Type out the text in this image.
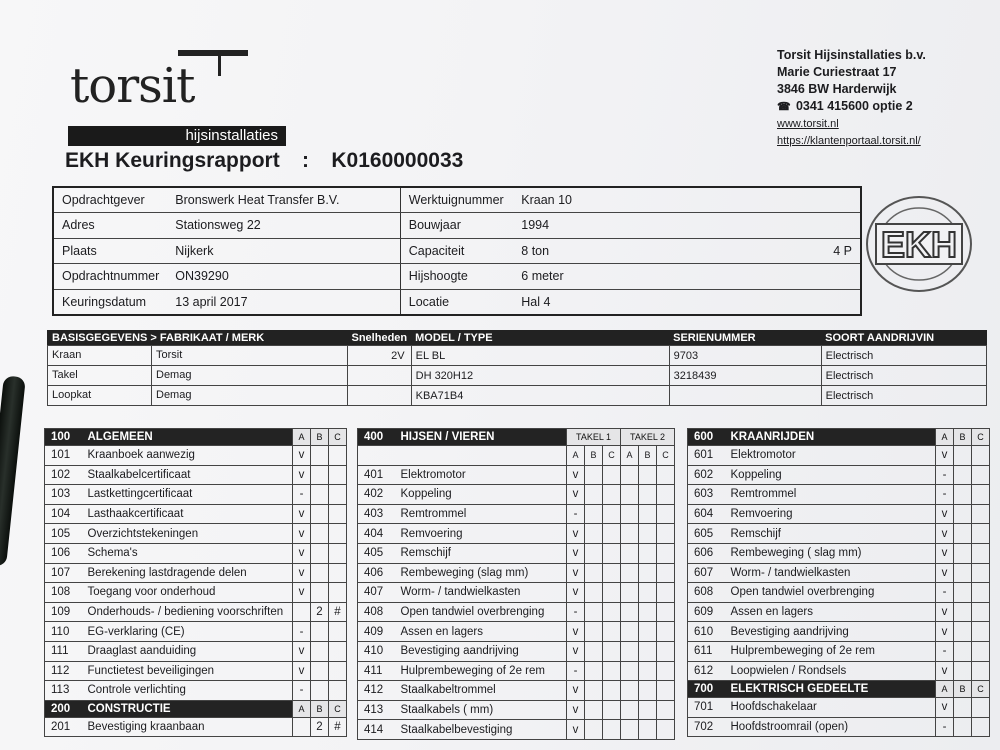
torsit
hijsinstallaties
EKH Keuringsrapport : K0160000033
Torsit Hijsinstallaties b.v.
Marie Curiestraat 17
3846 BW Harderwijk
☎ 0341 415600 optie 2
www.torsit.nl
https://klantenportaal.torsit.nl/
Opdrachtgever	Bronswerk Heat Transfer B.V.	Werktuignummer	Kraan 10	
Adres	Stationsweg 22	Bouwjaar	1994	
Plaats	Nijkerk	Capaciteit	8 ton	4 P
Opdrachtnummer	ON39290	Hijshoogte	6 meter	
Keuringsdatum	13 april 2017	Locatie	Hal 4	
EKH
BASISGEGEVENS > FABRIKAAT / MERK	Snelheden	MODEL / TYPE	SERIENUMMER	SOORT AANDRIJVIN
Kraan Torsit	2V	EL BL	9703	Electrisch
Takel Demag		DH 320H12	3218439	Electrisch
Loopkat Demag		KBA71B4		Electrisch
100	ALGEMEEN	A	B	C
101	Kraanboek aanwezig	v		
102	Staalkabelcertificaat	v		
103	Lastkettingcertificaat	-		
104	Lasthaakcertificaat	v		
105	Overzichtstekeningen	v		
106	Schema's	v		
107	Berekening lastdragende delen	v		
108	Toegang voor onderhoud	v		
109	Onderhouds- / bediening voorschriften		2	#
110	EG-verklaring (CE)	-		
111	Draaglast aanduiding	v		
112	Functietest beveiligingen	v		
113	Controle verlichting	-		
200	CONSTRUCTIE	A	B	C
201	Bevestiging kraanbaan		2	#
400	HIJSEN / VIEREN	TAKEL 1			TAKEL 2		
		A	B	C	A	B	C
401	Elektromotor	v					
402	Koppeling	v					
403	Remtrommel	-					
404	Remvoering	v					
405	Remschijf	v					
406	Rembeweging (slag mm)	v					
407	Worm- / tandwielkasten	v					
408	Open tandwiel overbrenging	-					
409	Assen en lagers	v					
410	Bevestiging aandrijving	v					
411	Hulprembeweging of 2e rem	-					
412	Staalkabeltrommel	v					
413	Staalkabels ( mm)	v					
414	Staalkabelbevestiging	v					
600	KRAANRIJDEN	A	B	C
601	Elektromotor	v		
602	Koppeling	-		
603	Remtrommel	-		
604	Remvoering	v		
605	Remschijf	v		
606	Rembeweging ( slag mm)	v		
607	Worm- / tandwielkasten	v		
608	Open tandwiel overbrenging	-		
609	Assen en lagers	v		
610	Bevestiging aandrijving	v		
611	Hulprembeweging of 2e rem	-		
612	Loopwielen / Rondsels	v		
700	ELEKTRISCH GEDEELTE	A	B	C
701	Hoofdschakelaar	v		
702	Hoofdstroomrail (open)	-		
